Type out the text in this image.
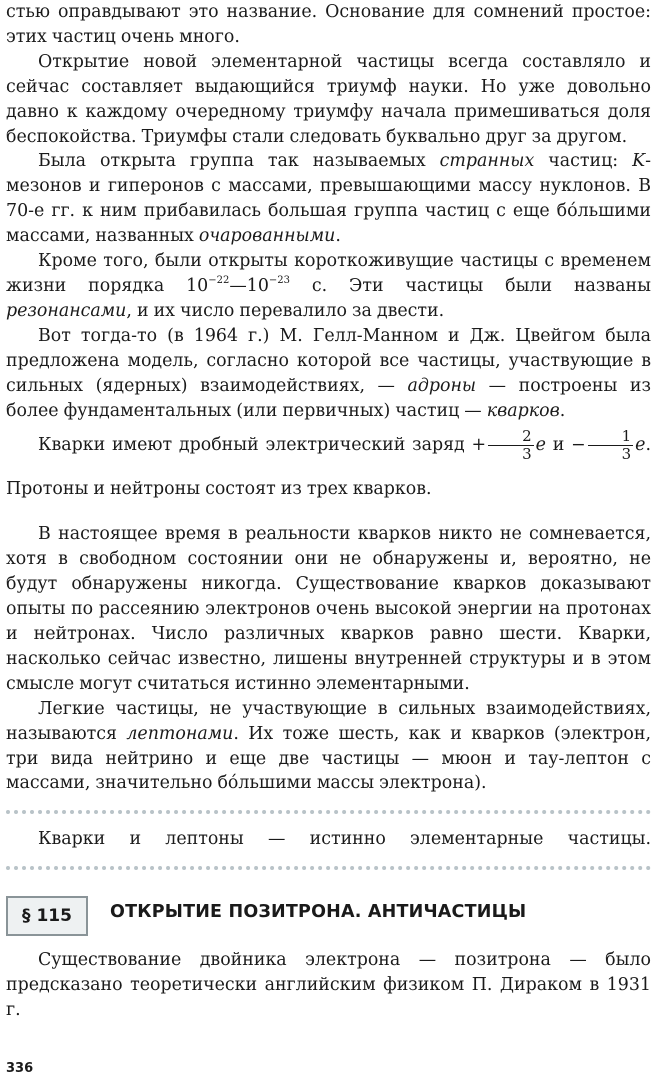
стью оправдывают это название. Основание для сомнений простое: этих частиц очень много.

Открытие новой элементарной частицы всегда составляло и сейчас составляет выдающийся триумф науки. Но уже довольно давно к каждому очередному триумфу начала примешиваться доля беспокойства. Триумфы стали следовать буквально друг за другом.

Была открыта группа так называемых странных частиц: K-мезонов и гиперонов с массами, превышающими массу нуклонов. В 70-е гг. к ним прибавилась большая группа частиц с еще бóльшими массами, названных очарованными.

Кроме того, были открыты короткоживущие частицы с временем жизни порядка $10^{-22}—10^{-23}$ с. Эти частицы были названы резонансами, и их число перевалило за двести.

Вот тогда-то (в 1964 г.) М. Гелл-Манном и Дж. Цвейгом была предложена модель, согласно которой все частицы, участвующие в сильных (ядерных) взаимодействиях, — адроны — построены из более фундаментальных (или первичных) частиц — кварков.

Кварки имеют дробный электрический заряд + $\frac{2}{3}$ e $и - \frac{1}{3} e$. Протоны и нейтроны состоят из трех кварков.

В настоящее время в реальности кварков никто не сомневается, хотя в свободном состоянии они не обнаружены и, вероятно, не будут обнаружены никогда. Существование кварков доказывают опыты по рассеянию электронов очень высокой энергии на протонах и нейтронах. Число различных кварков равно шести. Кварки, насколько сейчас известно, лишены внутренней структуры и в этом смысле могут считаться истинно элементарными.

Легкие частицы, не участвующие в сильных взаимодействиях, называются лептонами. Их тоже шесть, как и кварков (электрон, три вида нейтрино и еще две частицы — мюон и тау-лептон с массами, значительно бóльшими массы электрона).

Кварки и лептоны — истинно элементарные частицы.

§ 115	ОТКРЫТИЕ ПОЗИТРОНА. АНТИЧАСТИЦЫ

Существование двойника электрона — позитрона — было предсказано теоретически английским физиком П. Дираком в 1931 г.

336
